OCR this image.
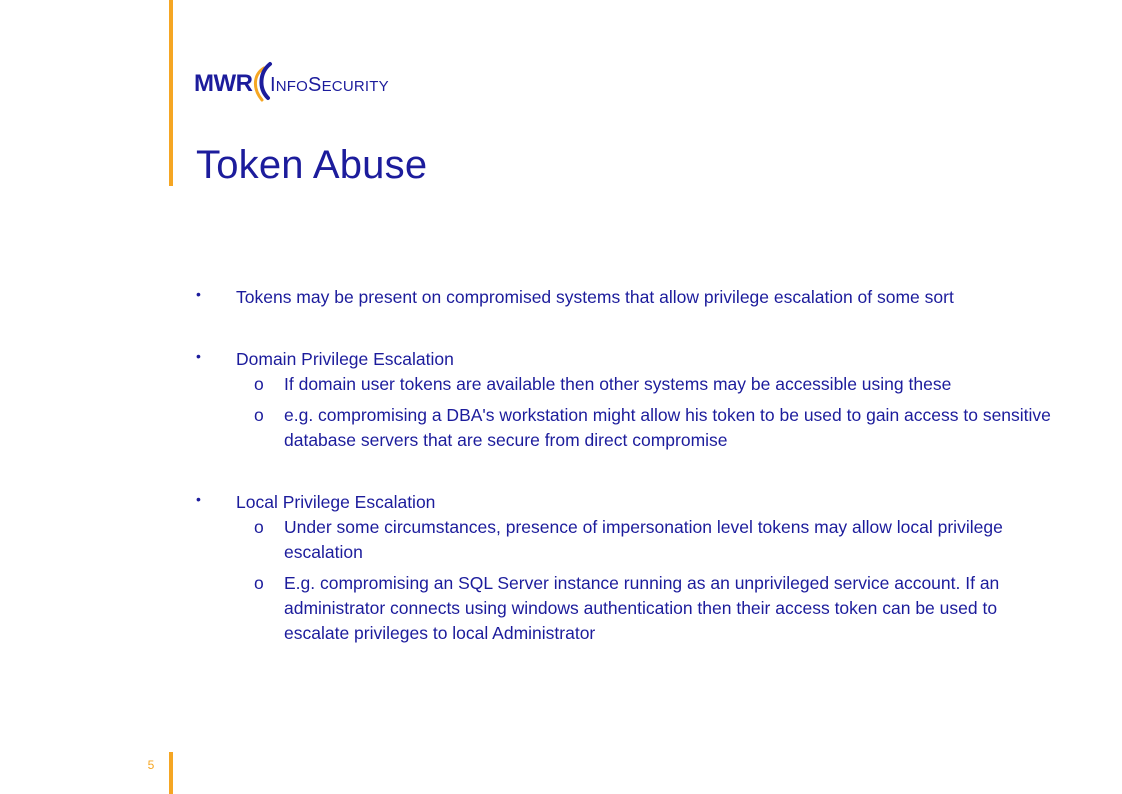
5
MWR INFOSECURITY
Token Abuse
• Tokens may be present on compromised systems that allow privilege escalation of some sort
• Domain Privilege Escalation
o If domain user tokens are available then other systems may be accessible using these
o e.g. compromising a DBA's workstation might allow his token to be used to gain access to sensitive database servers that are secure from direct compromise
• Local Privilege Escalation
o Under some circumstances, presence of impersonation level tokens may allow local privilege escalation
o E.g. compromising an SQL Server instance running as an unprivileged service account. If an administrator connects using windows authentication then their access token can be used to escalate privileges to local Administrator
